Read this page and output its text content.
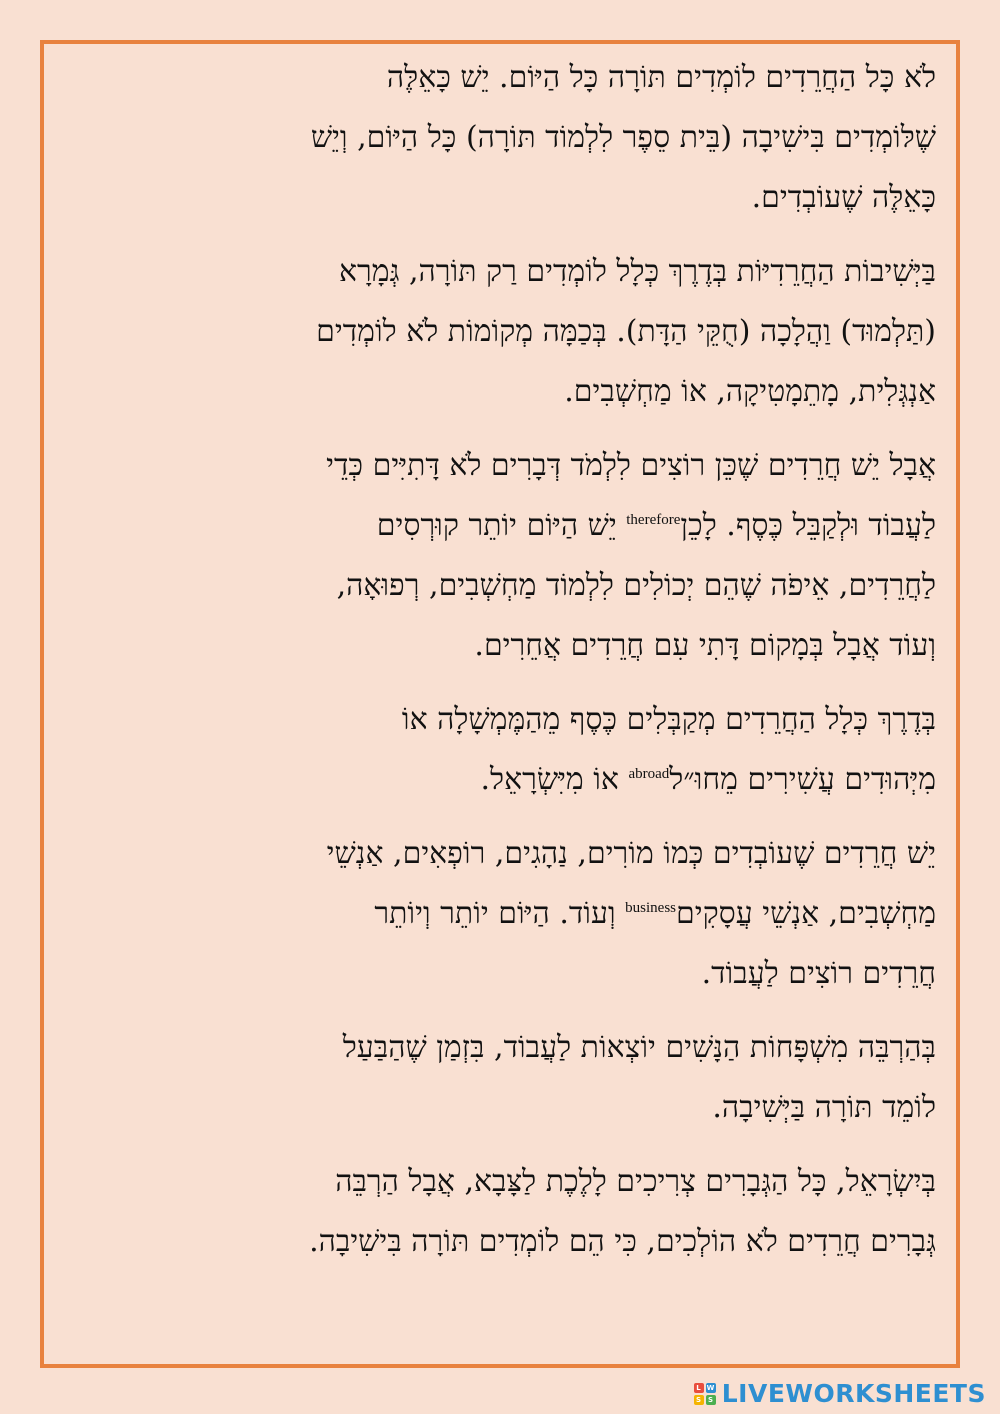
לֹא כָּל הַחֲרֵדִים לוֹמְדִים תּוֹרָה כָּל הַיּוֹם. יֵשׁ כָּאֵלֶּה
שֶׁלּוֹמְדִים בִּישִׁיבָה (בֵּית סֵפֶר לִלְמוֹד תּוֹרָה) כָּל הַיּוֹם, וְיֵשׁ
כָּאֵלֶּה שֶׁעוֹבְדִים.

בַּיְּשִׁיבוֹת הַחֲרֵדִיּוֹת בְּדֶרֶךְ כְּלָל לוֹמְדִים רַק תּוֹרָה, גְּמָרָא
(תַּלְמוּד) וַהֲלָכָה (חֻקֵּי הַדָּת). בְּכַמָּה מְקוֹמוֹת לֹא לוֹמְדִים
אַנְגְּלִית, מָתֵמָטִיקָה, אוֹ מַחְשְׁבִים.

אֲבָל יֵשׁ חֲרֵדִים שֶׁכֵּן רוֹצִים לִלְמֹד דְּבָרִים לֹא דָּתִיִּים כְּדֵי
לַעֲבוֹד וּלְקַבֵּל כֶּסֶף. לָכֵן$^{therefore}$ יֵשׁ הַיּוֹם יוֹתֵר קוּרְסִים
לַחֲרֵדִים, אֵיפֹה שֶׁהֵם יְכוֹלִים לִלְמוֹד מַחְשְׁבִים, רְפוּאָה,
וְעוֹד אֲבָל בְּמָקוֹם דָּתִי עִם חֲרֵדִים אֲחֵרִים.

בְּדֶרֶךְ כְּלָל הַחֲרֵדִים מְקַבְּלִים כֶּסֶף מֵהַמֶּמְשָׁלָה אוֹ
מִיְּהוּדִים עֲשִׁירִים מֵחוּ״ל$^{abroad}$ אוֹ מִיִּשְׂרָאֵל.

יֵשׁ חֲרֵדִים שֶׁעוֹבְדִים כְּמוֹ מוֹרִים, נַהָגִים, רוֹפְאִים, אַנְשֵׁי
מַחְשְׁבִים, אַנְשֵׁי עֲסָקִים$^{business}$ וְעוֹד. הַיּוֹם יוֹתֵר וְיוֹתֵר
חֲרֵדִים רוֹצִים לַעֲבוֹד.

בְּהַרְבֵּה מִשְׁפָּחוֹת הַנָּשִׁים יוֹצְאוֹת לַעֲבוֹד, בִּזְמַן שֶׁהַבַּעַל
לוֹמֵד תּוֹרָה בַּיְּשִׁיבָה.

בְּיִשְׂרָאֵל, כָּל הַגְּבָרִים צְרִיכִים לָלֶכֶת לַצָּבָא, אֲבָל הַרְבֵּה
גְּבָרִים חֲרֵדִים לֹא הוֹלְכִים, כִּי הֵם לוֹמְדִים תּוֹרָה בִּישִׁיבָה.

L W
S S LIVEWORKSHEETS
